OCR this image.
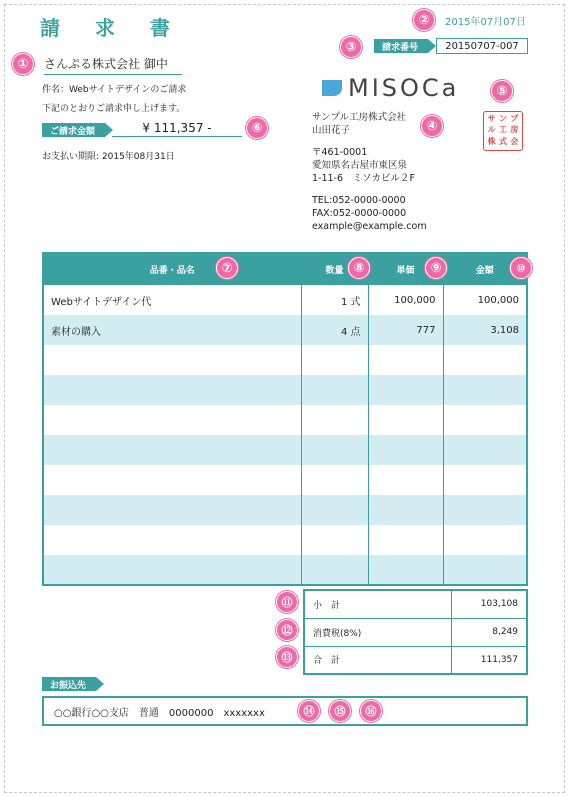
請 求 書	2015年07月07日
請求番号	20150707-007
さんぷる株式会社 御中
件名：Webサイトデザインのご請求
下記のとおりご請求申し上げます。
ご請求金額	¥ 111,357 -
お支払い期限: 2015年08月31日
MISOCa
サンプル工房株式会社
山田花子
〒461-0001
愛知県名古屋市東区泉
1-11-6　ミソカビル２F
TEL:052-0000-0000
FAX:052-0000-0000
example@example.com
サ ン プ
ル 工 房
株 式 会
品番・品名	数量	単価	金額
Webサイトデザイン代	1 式	100,000	100,000
素材の購入	4 点	777	3,108

小　計	103,108
消費税(8%)	8,249
合　計	111,357
お振込先
○○銀行○○支店　普通　0000000　xxxxxxx
①
②
③
④
⑤
⑥
⑦	⑧	⑨	⑩
⑪
⑫
⑬
⑭	⑮	⑯
